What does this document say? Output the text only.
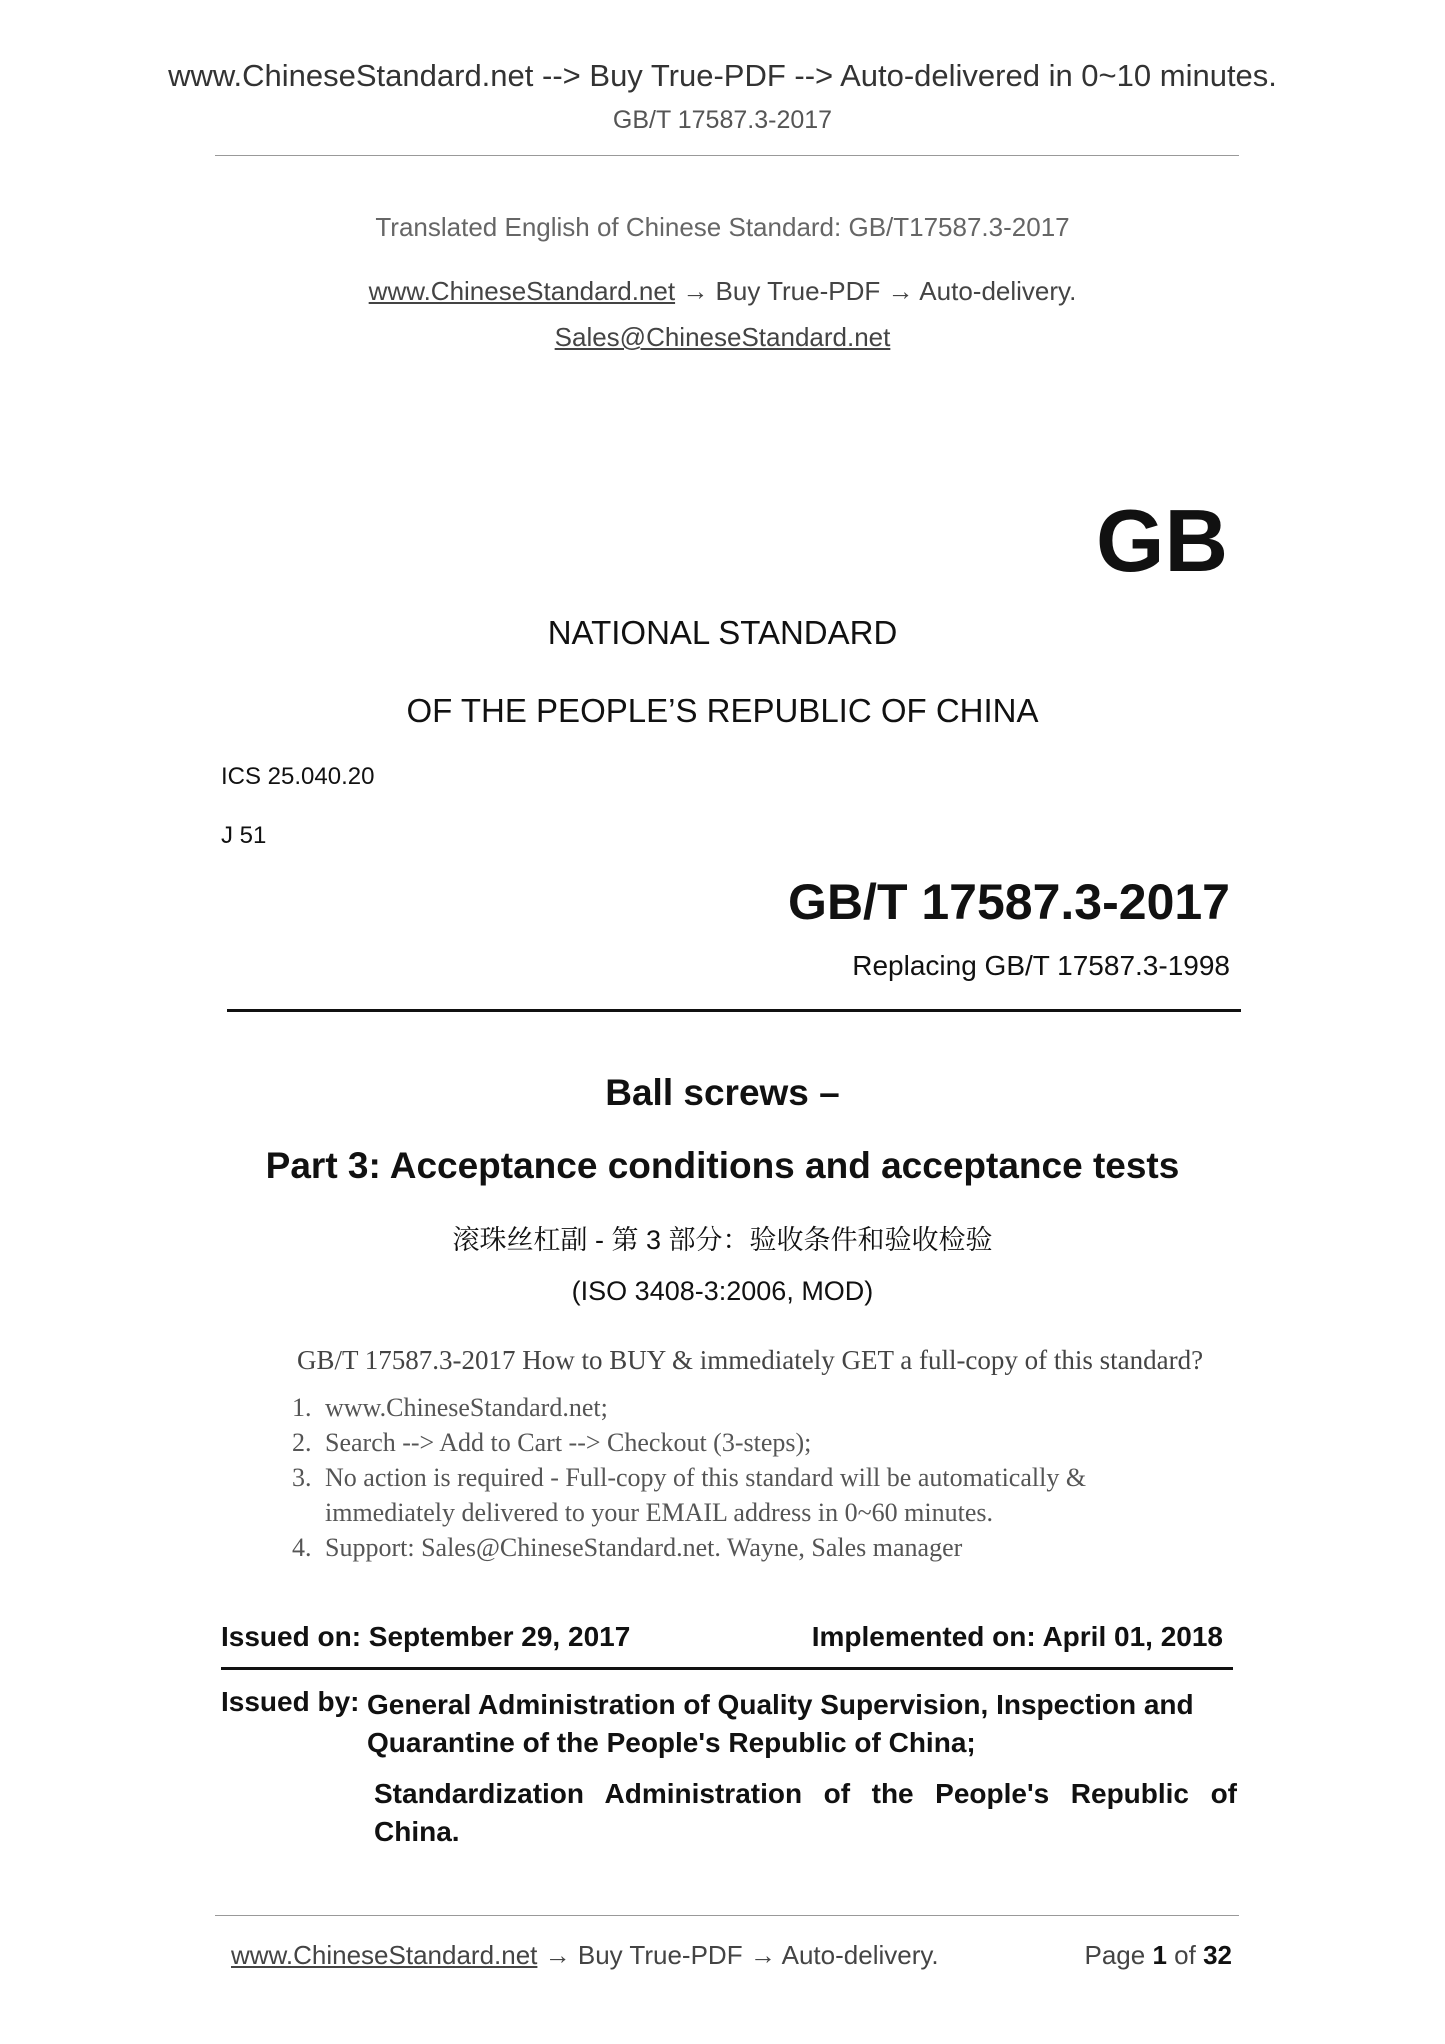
www.ChineseStandard.net --> Buy True-PDF --> Auto-delivered in 0~10 minutes.
GB/T 17587.3-2017
Translated English of Chinese Standard: GB/T17587.3-2017
www.ChineseStandard.net → Buy True-PDF → Auto-delivery.
Sales@ChineseStandard.net
GB
NATIONAL STANDARD
OF THE PEOPLE’S REPUBLIC OF CHINA
ICS 25.040.20
J 51
GB/T 17587.3-2017
Replacing GB/T 17587.3-1998
Ball screws –
Part 3: Acceptance conditions and acceptance tests
滚珠丝杠副 - 第 3 部分：验收条件和验收检验
(ISO 3408-3:2006, MOD)
GB/T 17587.3-2017 How to BUY & immediately GET a full-copy of this standard?
1. www.ChineseStandard.net;
2. Search --> Add to Cart --> Checkout (3-steps);
3. No action is required - Full-copy of this standard will be automatically & immediately delivered to your EMAIL address in 0~60 minutes.
4. Support: Sales@ChineseStandard.net. Wayne, Sales manager
Issued on: September 29, 2017	Implemented on: April 01, 2018
Issued by: General Administration of Quality Supervision, Inspection and Quarantine of the People's Republic of China;
Standardization Administration of the People's Republic of China.
www.ChineseStandard.net → Buy True-PDF → Auto-delivery.	Page 1 of 32
